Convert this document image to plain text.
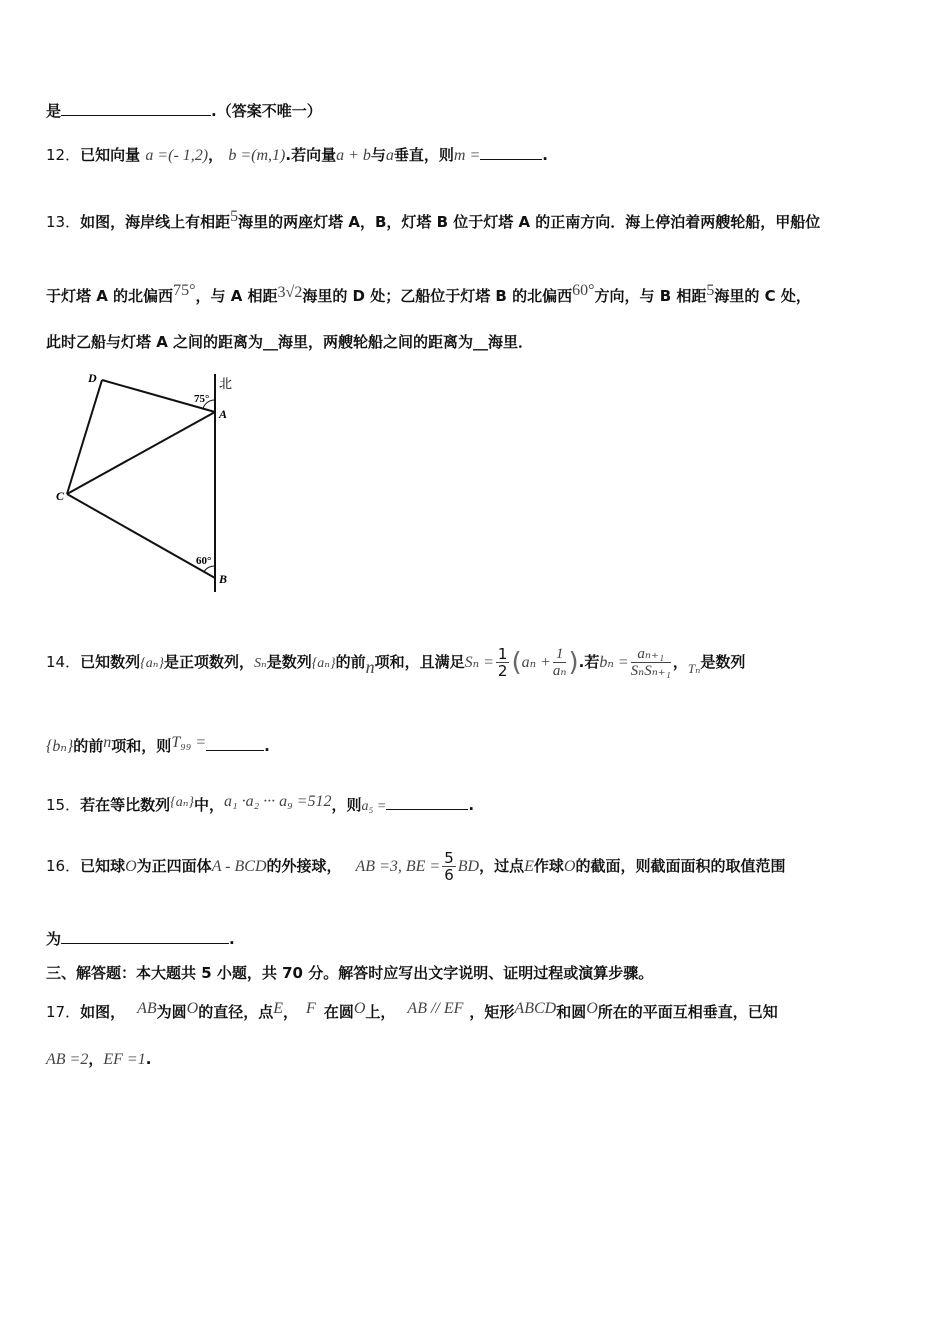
是	.（答案不唯一）
12．已知向量 a =(- 1,2)， b =(m,1).若向量a + b与a垂直，则m =	.
13．如图，海岸线上有相距5海里的两座灯塔 A，B，灯塔 B 位于灯塔 A 的正南方向．海上停泊着两艘轮船，甲船位
于灯塔 A 的北偏西75°，与 A 相距3√2海里的 D 处；乙船位于灯塔 B 的北偏西60°方向，与 B 相距5海里的 C 处，
此时乙船与灯塔 A 之间的距离为__海里，两艘轮船之间的距离为__海里．
北
D
A
C
B
75°
60°
14．已知数列{aₙ}是正项数列，Sₙ是数列{aₙ}的前n项和，且满足$S_n = \frac{1}{2} (a_n + \frac{1}{\text{aₙ}}$ ).若$b_n = \frac{\text{aₙ₊₁}}{\text{SₙSₙ₊₁}}$ ，Tₙ是数列
{bₙ}的前n项和，则T₉₉ =	.
15．若在等比数列{aₙ}中，a₁ ·a₂ ··· a₉ =512，则a₅ =	.
16．已知球O为正四面体A - BCD的外接球， AB =3, BE = $\frac{5}{6}$ BD，过点E作球O的截面，则截面面积的取值范围
为	.
三、解答题：本大题共 5 小题，共 70 分。解答时应写出文字说明、证明过程或演算步骤。
17．如图， AB为圆O的直径，点E， F 在圆O上， AB // EF ，矩形ABCD和圆O所在的平面互相垂直，已知
AB =2，EF =1.
